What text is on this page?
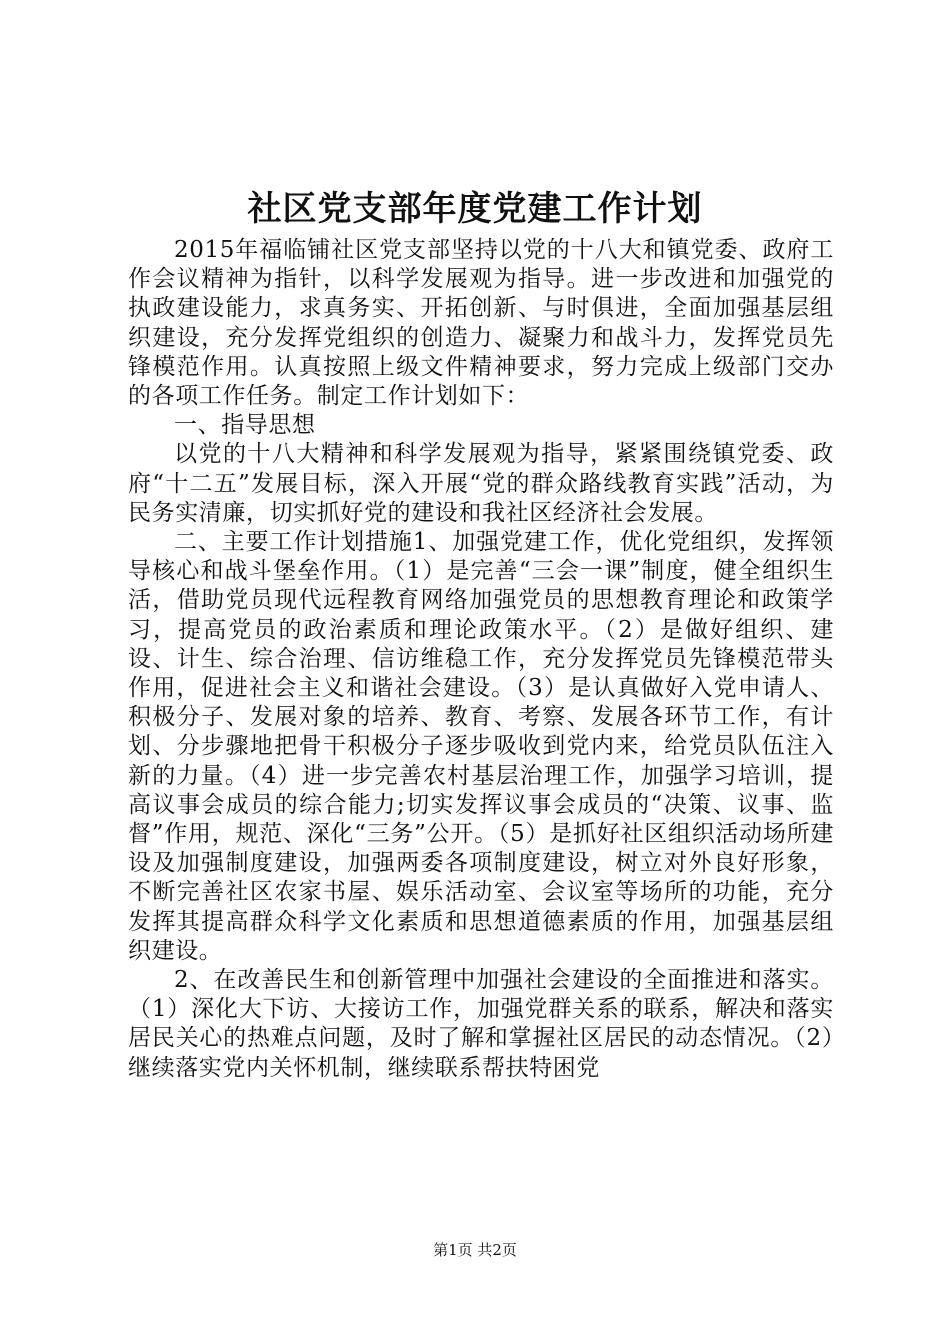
社区党支部年度党建工作计划

2015年福临铺社区党支部坚持以党的十八大和镇党委、政府工作会议精神为指针，以科学发展观为指导。进一步改进和加强党的执政建设能力，求真务实、开拓创新、与时俱进，全面加强基层组织建设，充分发挥党组织的创造力、凝聚力和战斗力，发挥党员先锋模范作用。认真按照上级文件精神要求，努力完成上级部门交办的各项工作任务。制定工作计划如下：

一、指导思想

以党的十八大精神和科学发展观为指导，紧紧围绕镇党委、政府“十二五”发展目标，深入开展“党的群众路线教育实践”活动，为民务实清廉，切实抓好党的建设和我社区经济社会发展。

二、主要工作计划措施1、加强党建工作，优化党组织，发挥领导核心和战斗堡垒作用。（1）是完善“三会一课”制度，健全组织生活，借助党员现代远程教育网络加强党员的思想教育理论和政策学习，提高党员的政治素质和理论政策水平。（2）是做好组织、建设、计生、综合治理、信访维稳工作，充分发挥党员先锋模范带头作用，促进社会主义和谐社会建设。（3）是认真做好入党申请人、积极分子、发展对象的培养、教育、考察、发展各环节工作，有计划、分步骤地把骨干积极分子逐步吸收到党内来，给党员队伍注入新的力量。（4）进一步完善农村基层治理工作，加强学习培训，提高议事会成员的综合能力;切实发挥议事会成员的“决策、议事、监督”作用，规范、深化“三务”公开。（5）是抓好社区组织活动场所建设及加强制度建设，加强两委各项制度建设，树立对外良好形象，不断完善社区农家书屋、娱乐活动室、会议室等场所的功能，充分发挥其提高群众科学文化素质和思想道德素质的作用，加强基层组织建设。

2、在改善民生和创新管理中加强社会建设的全面推进和落实。（1）深化大下访、大接访工作，加强党群关系的联系，解决和落实居民关心的热难点问题，及时了解和掌握社区居民的动态情况。（2）继续落实党内关怀机制，继续联系帮扶特困党

第1页 共2页
